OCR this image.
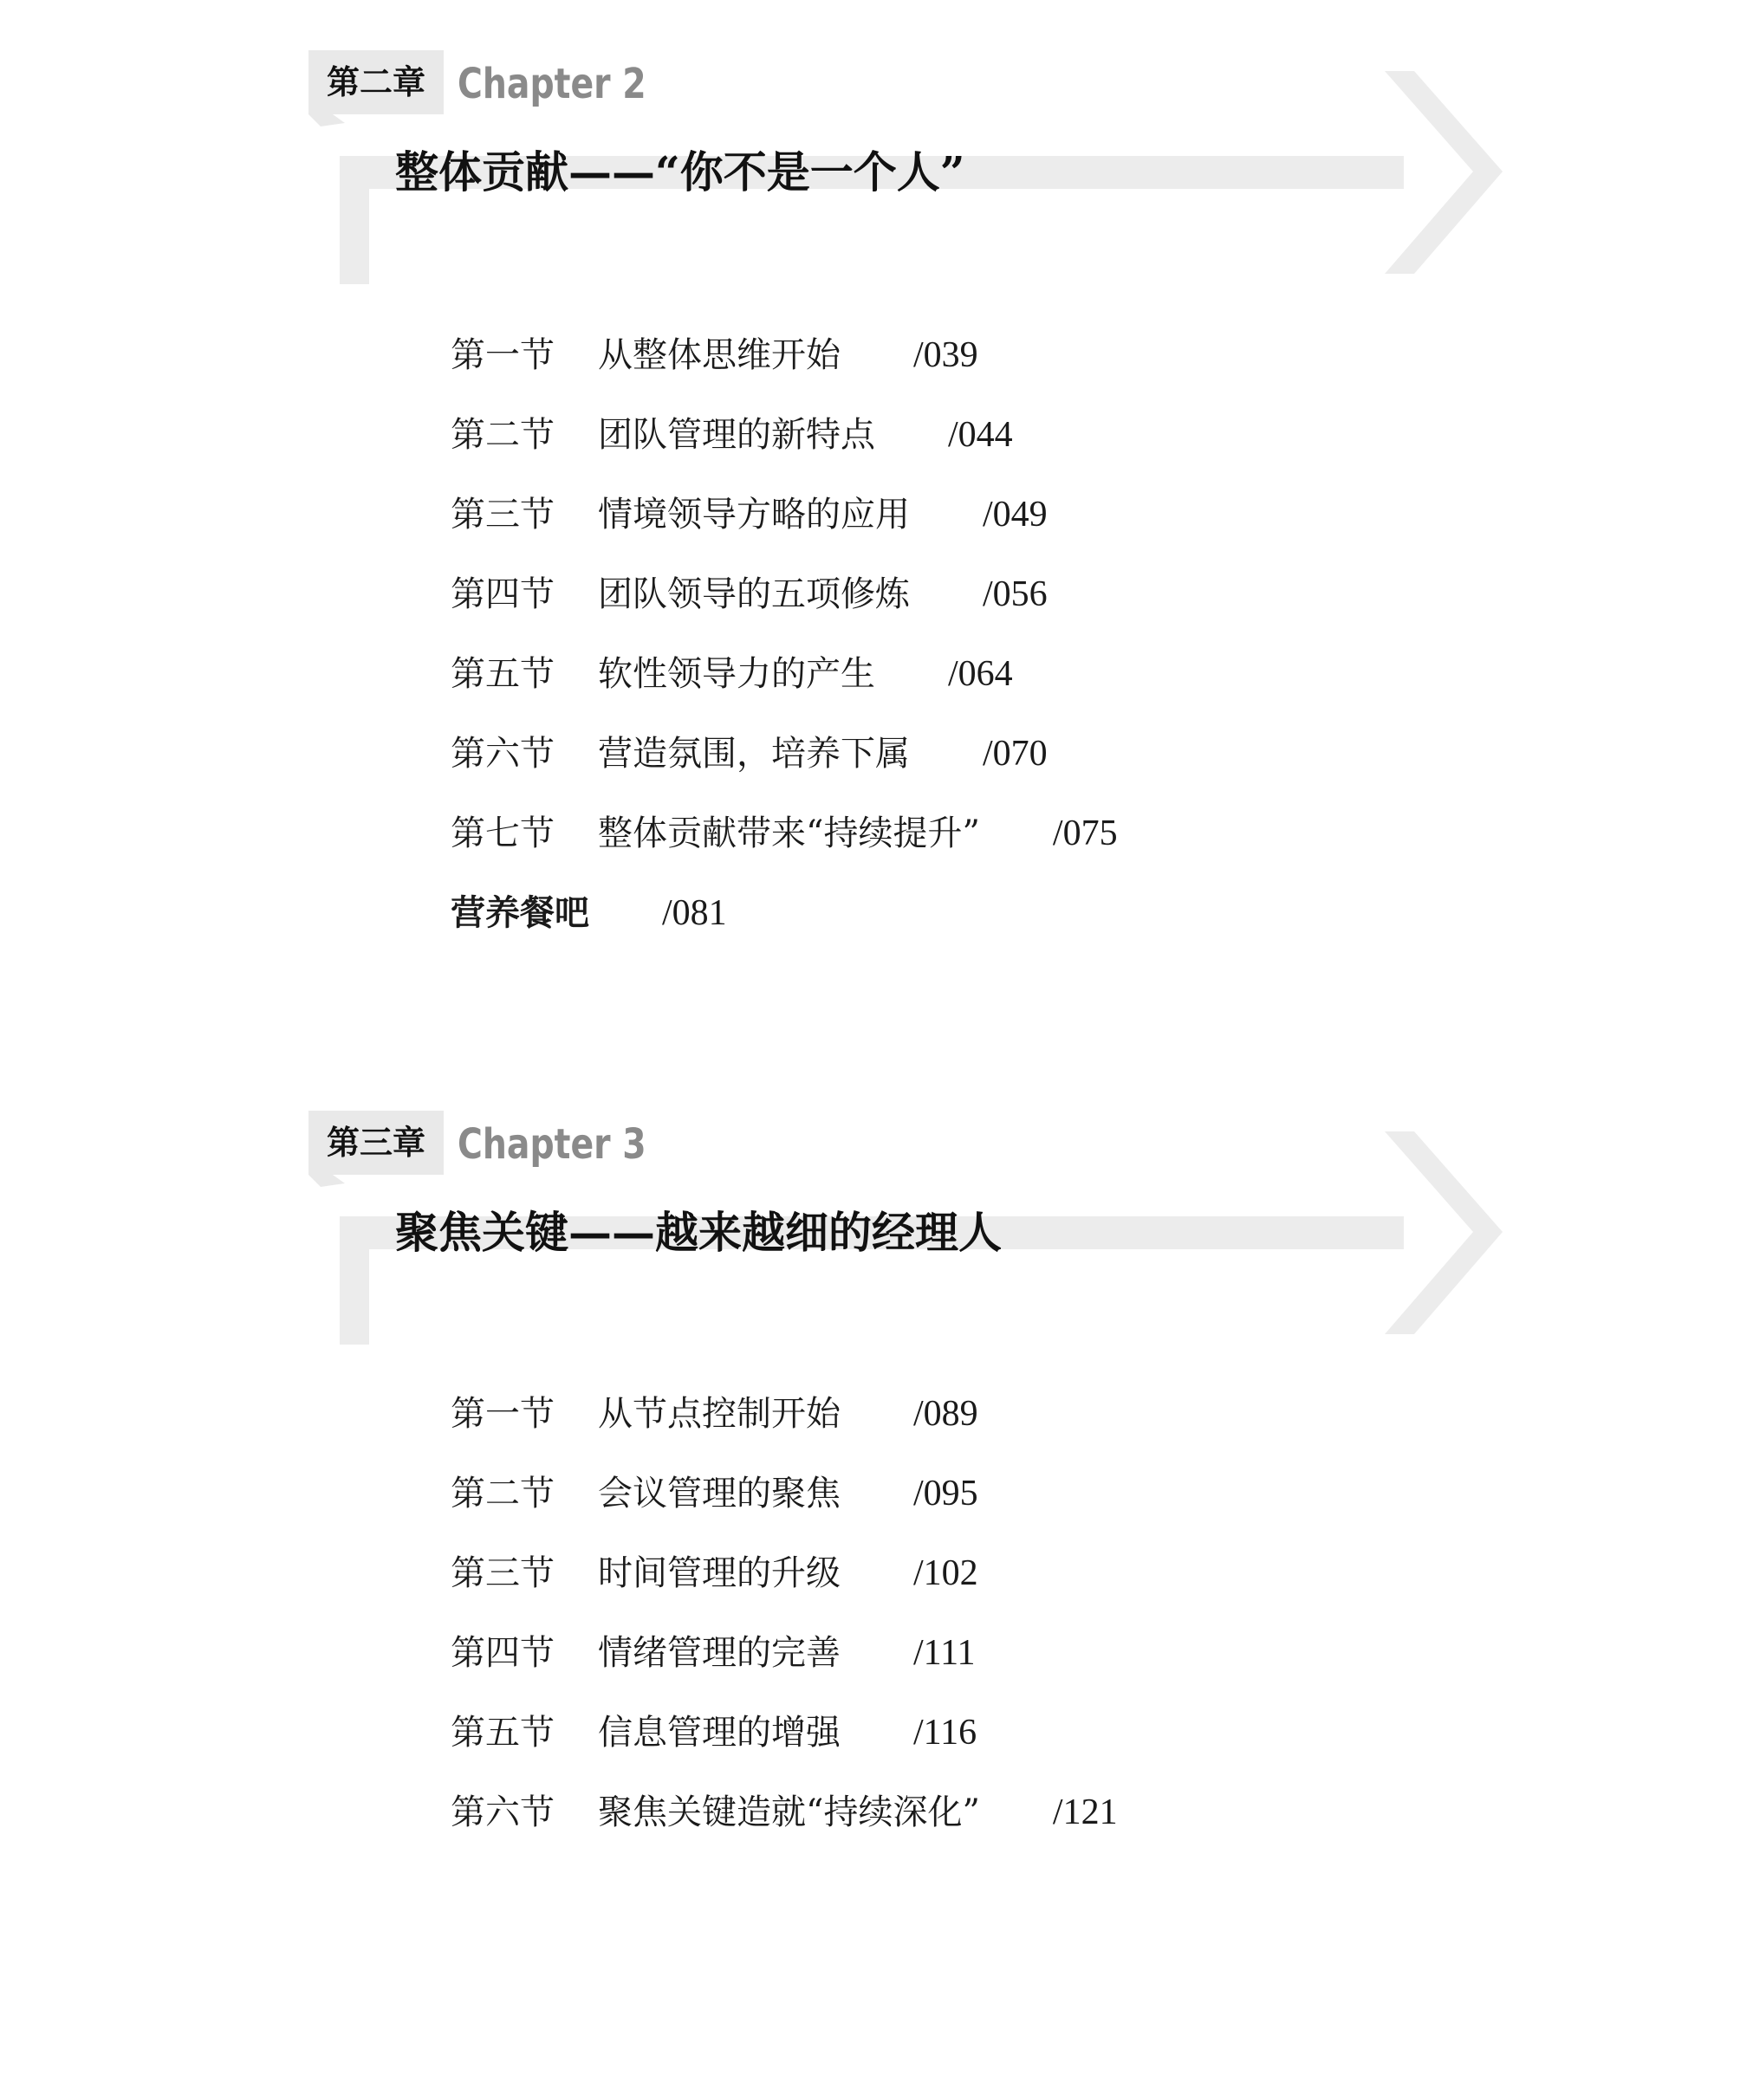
第二章 Chapter 2
整体贡献——“你不是一个人”
第一节 从整体思维开始 /039
第二节 团队管理的新特点 /044
第三节 情境领导方略的应用 /049
第四节 团队领导的五项修炼 /056
第五节 软性领导力的产生 /064
第六节 营造氛围，培养下属 /070
第七节 整体贡献带来“持续提升” /075
营养餐吧 /081
第三章 Chapter 3
聚焦关键——越来越细的经理人
第一节 从节点控制开始 /089
第二节 会议管理的聚焦 /095
第三节 时间管理的升级 /102
第四节 情绪管理的完善 /111
第五节 信息管理的增强 /116
第六节 聚焦关键造就“持续深化” /121
